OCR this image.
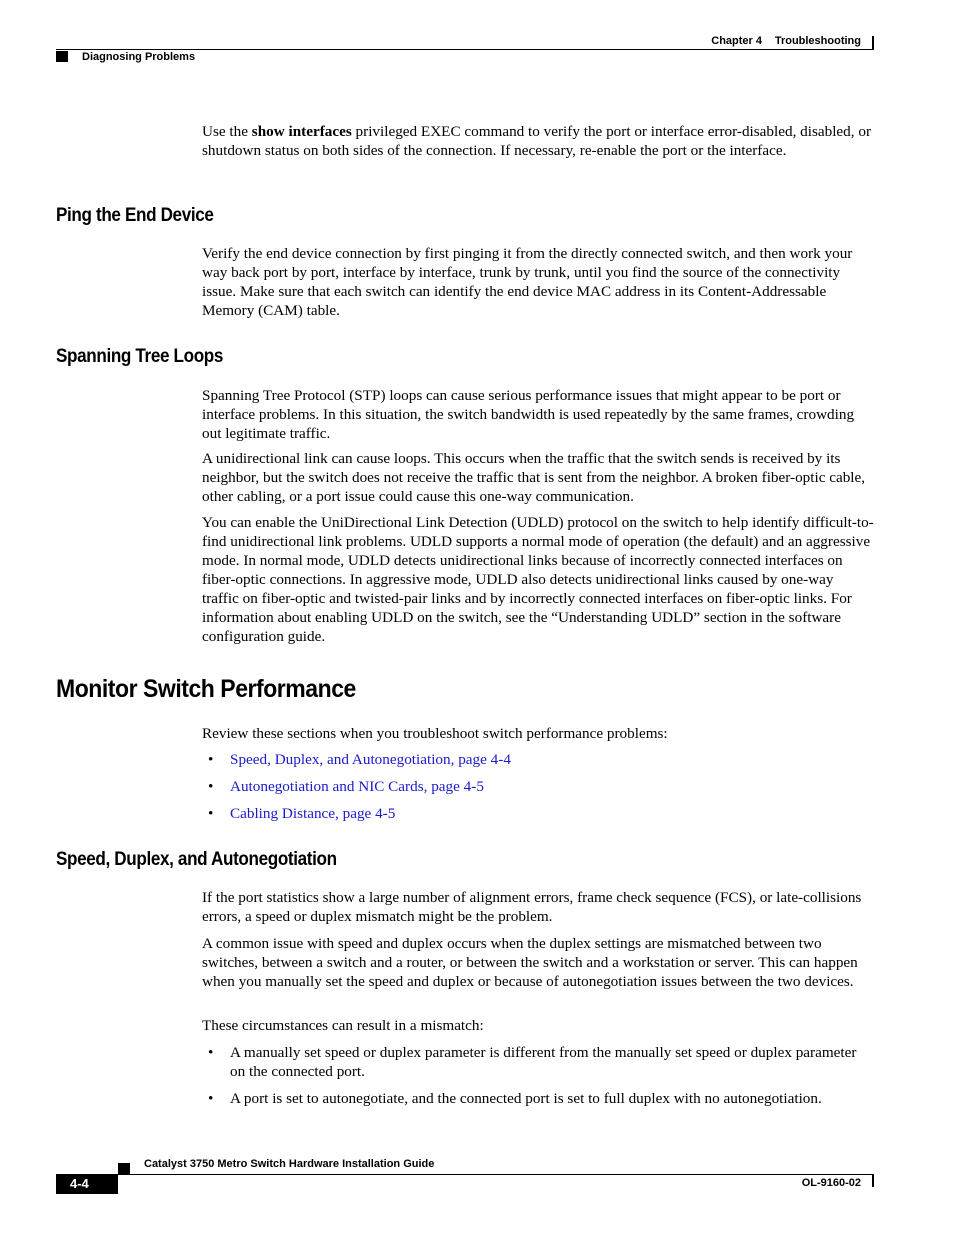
Chapter 4 Troubleshooting
Diagnosing Problems

Use the show interfaces privileged EXEC command to verify the port or interface error-disabled, disabled, or shutdown status on both sides of the connection. If necessary, re-enable the port or the interface.

Ping the End Device

Verify the end device connection by first pinging it from the directly connected switch, and then work your way back port by port, interface by interface, trunk by trunk, until you find the source of the connectivity issue. Make sure that each switch can identify the end device MAC address in its Content-Addressable Memory (CAM) table.

Spanning Tree Loops

Spanning Tree Protocol (STP) loops can cause serious performance issues that might appear to be port or interface problems. In this situation, the switch bandwidth is used repeatedly by the same frames, crowding out legitimate traffic.

A unidirectional link can cause loops. This occurs when the traffic that the switch sends is received by its neighbor, but the switch does not receive the traffic that is sent from the neighbor. A broken fiber-optic cable, other cabling, or a port issue could cause this one-way communication.

You can enable the UniDirectional Link Detection (UDLD) protocol on the switch to help identify difficult-to-find unidirectional link problems. UDLD supports a normal mode of operation (the default) and an aggressive mode. In normal mode, UDLD detects unidirectional links because of incorrectly connected interfaces on fiber-optic connections. In aggressive mode, UDLD also detects unidirectional links caused by one-way traffic on fiber-optic and twisted-pair links and by incorrectly connected interfaces on fiber-optic links. For information about enabling UDLD on the switch, see the “Understanding UDLD” section in the software configuration guide.

Monitor Switch Performance

Review these sections when you troubleshoot switch performance problems:

• Speed, Duplex, and Autonegotiation, page 4-4
• Autonegotiation and NIC Cards, page 4-5
• Cabling Distance, page 4-5
Speed, Duplex, and Autonegotiation

If the port statistics show a large number of alignment errors, frame check sequence (FCS), or late-collisions errors, a speed or duplex mismatch might be the problem.

A common issue with speed and duplex occurs when the duplex settings are mismatched between two switches, between a switch and a router, or between the switch and a workstation or server. This can happen when you manually set the speed and duplex or because of autonegotiation issues between the two devices.

These circumstances can result in a mismatch:

• A manually set speed or duplex parameter is different from the manually set speed or duplex parameter on the connected port.
• A port is set to autonegotiate, and the connected port is set to full duplex with no autonegotiation.
Catalyst 3750 Metro Switch Hardware Installation Guide
4-4	OL-9160-02
